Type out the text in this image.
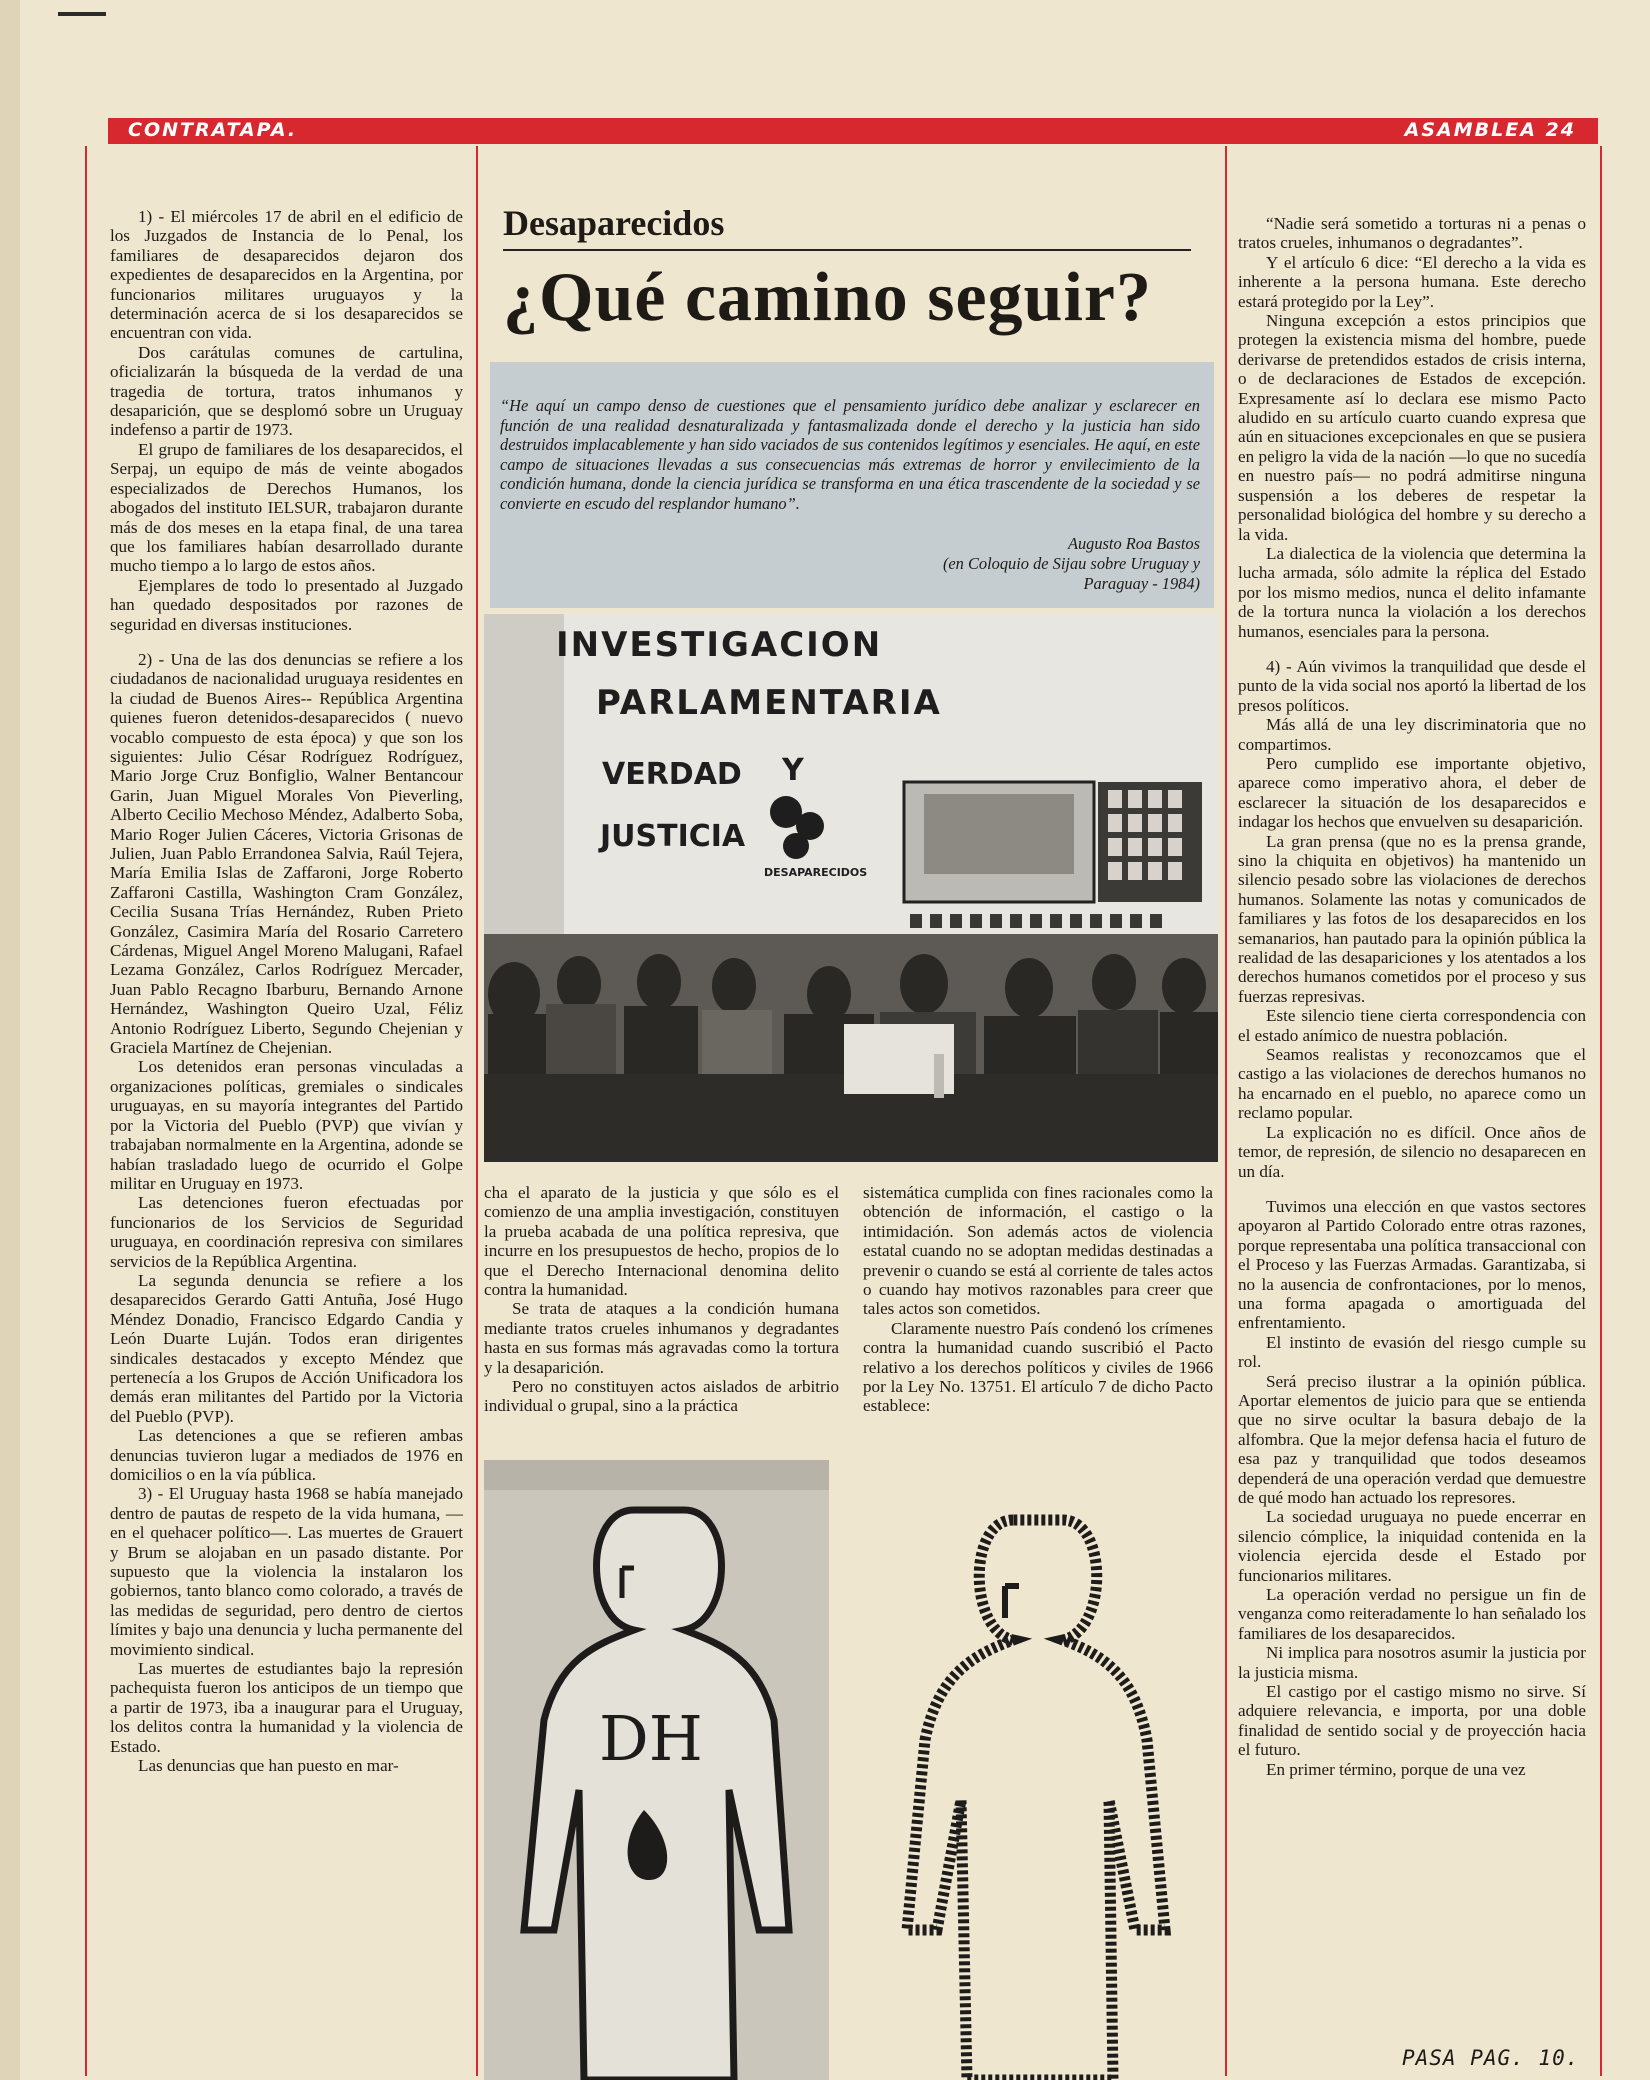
CONTRATAPA.	ASAMBLEA 24

1) - El miércoles 17 de abril en el edificio de los Juzgados de Instancia de lo Penal, los familiares de desaparecidos dejaron dos expedientes de desaparecidos en la Argentina, por funcionarios militares uruguayos y la determinación acerca de si los desaparecidos se encuentran con vida.

Dos carátulas comunes de cartulina, oficializarán la búsqueda de la verdad de una tragedia de tortura, tratos inhumanos y desaparición, que se desplomó sobre un Uruguay indefenso a partir de 1973.

El grupo de familiares de los desaparecidos, el Serpaj, un equipo de más de veinte abogados especializados de Derechos Humanos, los abogados del instituto IELSUR, trabajaron durante más de dos meses en la etapa final, de una tarea que los familiares habían desarrollado durante mucho tiempo a lo largo de estos años.

Ejemplares de todo lo presentado al Juzgado han quedado despositados por razones de seguridad en diversas instituciones.

2) - Una de las dos denuncias se refiere a los ciudadanos de nacionalidad uruguaya residentes en la ciudad de Buenos Aires-- República Argentina quienes fueron detenidos-desaparecidos ( nuevo vocablo compuesto de esta época) y que son los siguientes: Julio César Rodríguez Rodríguez, Mario Jorge Cruz Bonfiglio, Walner Bentancour Garin, Juan Miguel Morales Von Pieverling, Alberto Cecilio Mechoso Méndez, Adalberto Soba, Mario Roger Julien Cáceres, Victoria Grisonas de Julien, Juan Pablo Errandonea Salvia, Raúl Tejera, María Emilia Islas de Zaffaroni, Jorge Roberto Zaffaroni Castilla, Washington Cram González, Cecilia Susana Trías Hernández, Ruben Prieto González, Casimira María del Rosario Carretero Cárdenas, Miguel Angel Moreno Malugani, Rafael Lezama González, Carlos Rodríguez Mercader, Juan Pablo Recagno Ibarburu, Bernando Arnone Hernández, Washington Queiro Uzal, Féliz Antonio Rodríguez Liberto, Segundo Chejenian y Graciela Martínez de Chejenian.

Los detenidos eran personas vinculadas a organizaciones políticas, gremiales o sindicales uruguayas, en su mayoría integrantes del Partido por la Victoria del Pueblo (PVP) que vivían y trabajaban normalmente en la Argentina, adonde se habían trasladado luego de ocurrido el Golpe militar en Uruguay en 1973.

Las detenciones fueron efectuadas por funcionarios de los Servicios de Seguridad uruguaya, en coordinación represiva con similares servicios de la República Argentina.

La segunda denuncia se refiere a los desaparecidos Gerardo Gatti Antuña, José Hugo Méndez Donadio, Francisco Edgardo Candia y León Duarte Luján. Todos eran dirigentes sindicales destacados y excepto Méndez que pertenecía a los Grupos de Acción Unificadora los demás eran militantes del Partido por la Victoria del Pueblo (PVP).

Las detenciones a que se refieren ambas denuncias tuvieron lugar a mediados de 1976 en domicilios o en la vía pública.

3) - El Uruguay hasta 1968 se había manejado dentro de pautas de respeto de la vida humana, —en el quehacer político—. Las muertes de Grauert y Brum se alojaban en un pasado distante. Por supuesto que la violencia la instalaron los gobiernos, tanto blanco como colorado, a través de las medidas de seguridad, pero dentro de ciertos límites y bajo una denuncia y lucha permanente del movimiento sindical.

Las muertes de estudiantes bajo la represión pachequista fueron los anticipos de un tiempo que a partir de 1973, iba a inaugurar para el Uruguay, los delitos contra la humanidad y la violencia de Estado.

Las denuncias que han puesto en mar-

Desaparecidos
¿Qué camino seguir?
“He aquí un campo denso de cuestiones que el pensamiento jurídico debe analizar y esclarecer en función de una realidad desnaturalizada y fantasmalizada donde el derecho y la justicia han sido destruidos implacablemente y han sido vaciados de sus contenidos legítimos y esenciales. He aquí, en este campo de situaciones llevadas a sus consecuencias más extremas de horror y envilecimiento de la condición humana, donde la ciencia jurídica se transforma en una ética trascendente de la sociedad y se convierte en escudo del resplandor humano”.
Augusto Roa Bastos
(en Coloquio de Sijau sobre Uruguay y Paraguay - 1984)
INVESTIGACION
PARLAMENTARIA
VERDAD Y
JUSTICIA
DESAPARECIDOS

cha el aparato de la justicia y que sólo es el comienzo de una amplia investigación, constituyen la prueba acabada de una política represiva, que incurre en los presupuestos de hecho, propios de lo que el Derecho Internacional denomina delito contra la humanidad.

Se trata de ataques a la condición humana mediante tratos crueles inhumanos y degradantes hasta en sus formas más agravadas como la tortura y la desaparición.

Pero no constituyen actos aislados de arbitrio individual o grupal, sino a la práctica

sistemática cumplida con fines racionales como la obtención de información, el castigo o la intimidación. Son además actos de violencia estatal cuando no se adoptan medidas destinadas a prevenir o cuando se está al corriente de tales actos o cuando hay motivos razonables para creer que tales actos son cometidos.

Claramente nuestro País condenó los crímenes contra la humanidad cuando suscribió el Pacto relativo a los derechos políticos y civiles de 1966 por la Ley No. 13751. El artículo 7 de dicho Pacto establece:

DH

“Nadie será sometido a torturas ni a penas o tratos crueles, inhumanos o degradantes”.

Y el artículo 6 dice: “El derecho a la vida es inherente a la persona humana. Este derecho estará protegido por la Ley”.

Ninguna excepción a estos principios que protegen la existencia misma del hombre, puede derivarse de pretendidos estados de crisis interna, o de declaraciones de Estados de excepción. Expresamente así lo declara ese mismo Pacto aludido en su artículo cuarto cuando expresa que aún en situaciones excepcionales en que se pusiera en peligro la vida de la nación —lo que no sucedía en nuestro país— no podrá admitirse ninguna suspensión a los deberes de respetar la personalidad biológica del hombre y su derecho a la vida.

La dialectica de la violencia que determina la lucha armada, sólo admite la réplica del Estado por los mismo medios, nunca el delito infamante de la tortura nunca la violación a los derechos humanos, esenciales para la persona.

4) - Aún vivimos la tranquilidad que desde el punto de la vida social nos aportó la libertad de los presos políticos.

Más allá de una ley discriminatoria que no compartimos.

Pero cumplido ese importante objetivo, aparece como imperativo ahora, el deber de esclarecer la situación de los desaparecidos e indagar los hechos que envuelven su desaparición.

La gran prensa (que no es la prensa grande, sino la chiquita en objetivos) ha mantenido un silencio pesado sobre las violaciones de derechos humanos. Solamente las notas y comunicados de familiares y las fotos de los desaparecidos en los semanarios, han pautado para la opinión pública la realidad de las desapariciones y los atentados a los derechos humanos cometidos por el proceso y sus fuerzas represivas.

Este silencio tiene cierta correspondencia con el estado anímico de nuestra población.

Seamos realistas y reconozcamos que el castigo a las violaciones de derechos humanos no ha encarnado en el pueblo, no aparece como un reclamo popular.

La explicación no es difícil. Once años de temor, de represión, de silencio no desaparecen en un día.

Tuvimos una elección en que vastos sectores apoyaron al Partido Colorado entre otras razones, porque representaba una política transaccional con el Proceso y las Fuerzas Armadas. Garantizaba, si no la ausencia de confrontaciones, por lo menos, una forma apagada o amortiguada del enfrentamiento.

El instinto de evasión del riesgo cumple su rol.

Será preciso ilustrar a la opinión pública. Aportar elementos de juicio para que se entienda que no sirve ocultar la basura debajo de la alfombra. Que la mejor defensa hacia el futuro de esa paz y tranquilidad que todos deseamos dependerá de una operación verdad que demuestre de qué modo han actuado los represores.

La sociedad uruguaya no puede encerrar en silencio cómplice, la iniquidad contenida en la violencia ejercida desde el Estado por funcionarios militares.

La operación verdad no persigue un fin de venganza como reiteradamente lo han señalado los familiares de los desaparecidos.

Ni implica para nosotros asumir la justicia por la justicia misma.

El castigo por el castigo mismo no sirve. Sí adquiere relevancia, e importa, por una doble finalidad de sentido social y de proyección hacia el futuro.

En primer término, porque de una vez

PASA PAG. 10.
